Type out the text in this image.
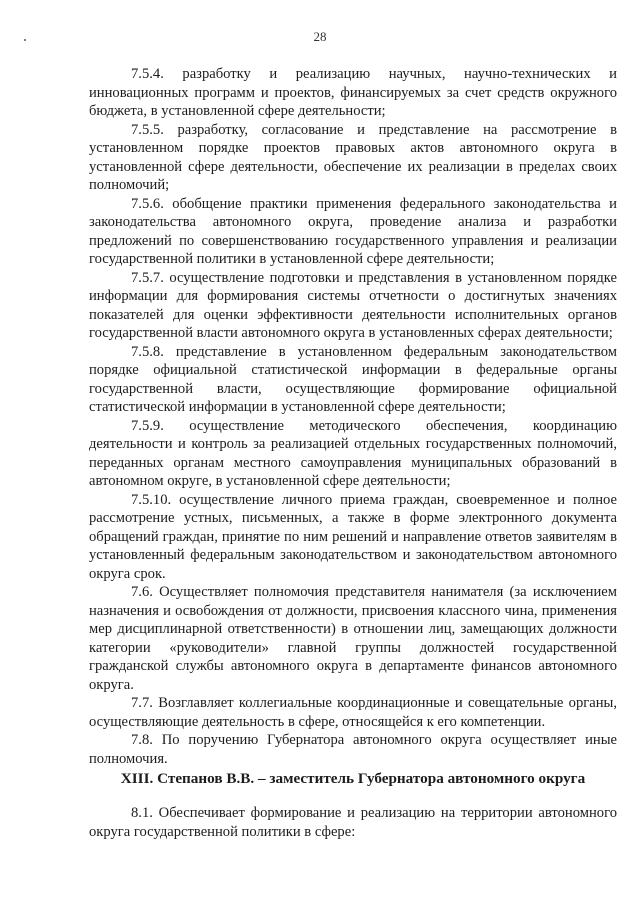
28

7.5.4. разработку и реализацию научных, научно-технических и инновационных программ и проектов, финансируемых за счет средств окружного бюджета, в установленной сфере деятельности;

7.5.5. разработку, согласование и представление на рассмотрение в установленном порядке проектов правовых актов автономного округа в установленной сфере деятельности, обеспечение их реализации в пределах своих полномочий;

7.5.6. обобщение практики применения федерального законодательства и законодательства автономного округа, проведение анализа и разработки предложений по совершенствованию государственного управления и реализации государственной политики в установленной сфере деятельности;

7.5.7. осуществление подготовки и представления в установленном порядке информации для формирования системы отчетности о достигнутых значениях показателей для оценки эффективности деятельности исполнительных органов государственной власти автономного округа в установленных сферах деятельности;

7.5.8. представление в установленном федеральным законодательством порядке официальной статистической информации в федеральные органы государственной власти, осуществляющие формирование официальной статистической информации в установленной сфере деятельности;

7.5.9. осуществление методического обеспечения, координацию деятельности и контроль за реализацией отдельных государственных полномочий, переданных органам местного самоуправления муниципальных образований в автономном округе, в установленной сфере деятельности;

7.5.10. осуществление личного приема граждан, своевременное и полное рассмотрение устных, письменных, а также в форме электронного документа обращений граждан, принятие по ним решений и направление ответов заявителям в установленный федеральным законодательством и законодательством автономного округа срок.

7.6. Осуществляет полномочия представителя нанимателя (за исключением назначения и освобождения от должности, присвоения классного чина, применения мер дисциплинарной ответственности) в отношении лиц, замещающих должности категории «руководители» главной группы должностей государственной гражданской службы автономного округа в департаменте финансов автономного округа.

7.7. Возглавляет коллегиальные координационные и совещательные органы, осуществляющие деятельность в сфере, относящейся к его компетенции.

7.8. По поручению Губернатора автономного округа осуществляет иные полномочия.

XIII. Степанов В.В. – заместитель Губернатора автономного округа

8.1. Обеспечивает формирование и реализацию на территории автономного округа государственной политики в сфере:
